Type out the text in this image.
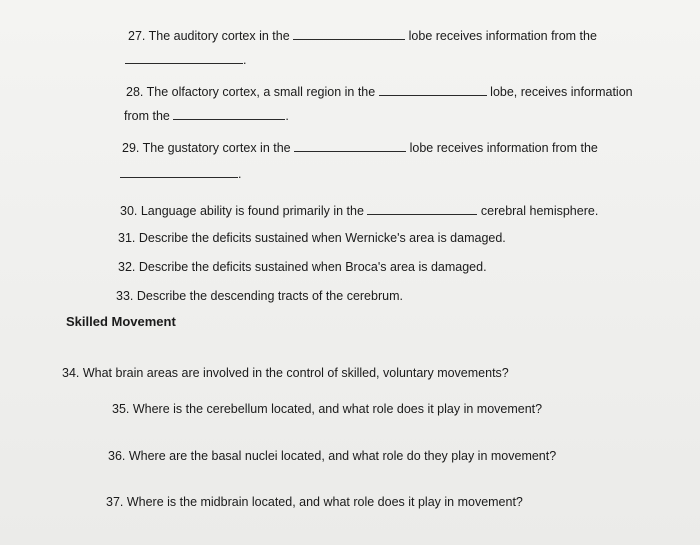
27. The auditory cortex in the	lobe receives information from the
.
28. The olfactory cortex, a small region in the	lobe, receives information
from the	.
29. The gustatory cortex in the	lobe receives information from the
.
30. Language ability is found primarily in the	cerebral hemisphere.
31. Describe the deficits sustained when Wernicke's area is damaged.
32. Describe the deficits sustained when Broca's area is damaged.
33. Describe the descending tracts of the cerebrum.
Skilled Movement
34. What brain areas are involved in the control of skilled, voluntary movements?
35. Where is the cerebellum located, and what role does it play in movement?
36. Where are the basal nuclei located, and what role do they play in movement?
37. Where is the midbrain located, and what role does it play in movement?
